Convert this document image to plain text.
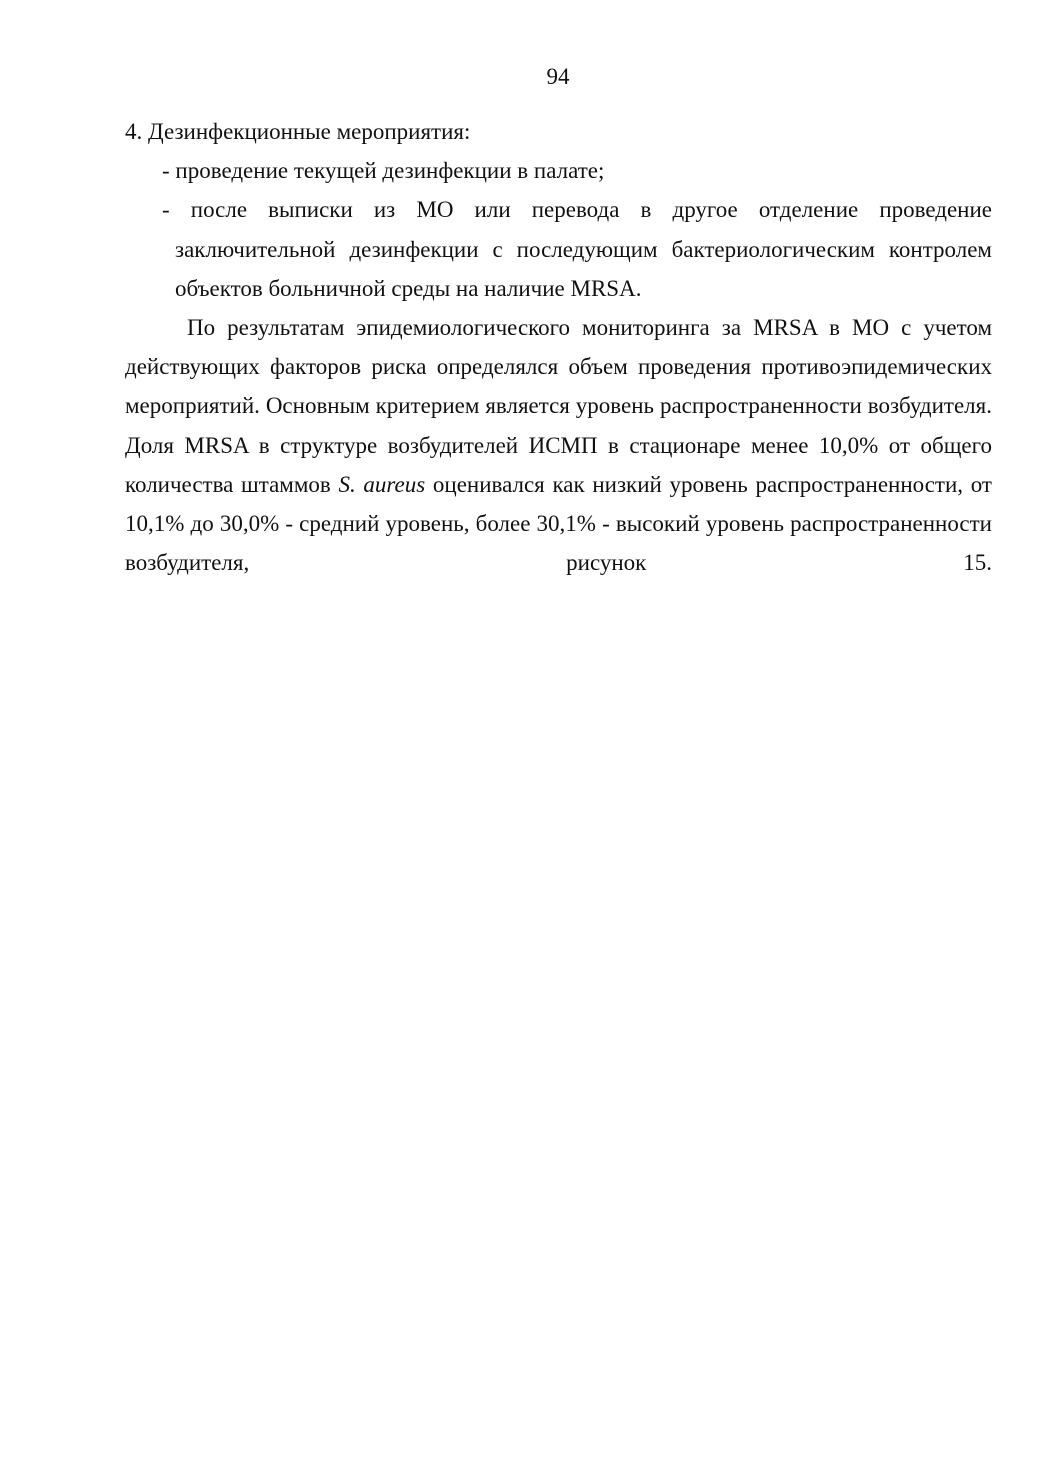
94

4. Дезинфекционные мероприятия:

- проведение текущей дезинфекции в палате;

- после выписки из МО или перевода в другое отделение проведение заключительной дезинфекции с последующим бактериологическим контролем объектов больничной среды на наличие MRSA.

По результатам эпидемиологического мониторинга за MRSA в МО с учетом действующих факторов риска определялся объем проведения противоэпидемических мероприятий. Основным критерием является уровень распространенности возбудителя. Доля MRSA в структуре возбудителей ИСМП в стационаре менее 10,0% от общего количества штаммов S. aureus оценивался как низкий уровень распространенности, от 10,1% до 30,0% - средний уровень, более 30,1% - высокий уровень распространенности возбудителя, рисунок 15.
